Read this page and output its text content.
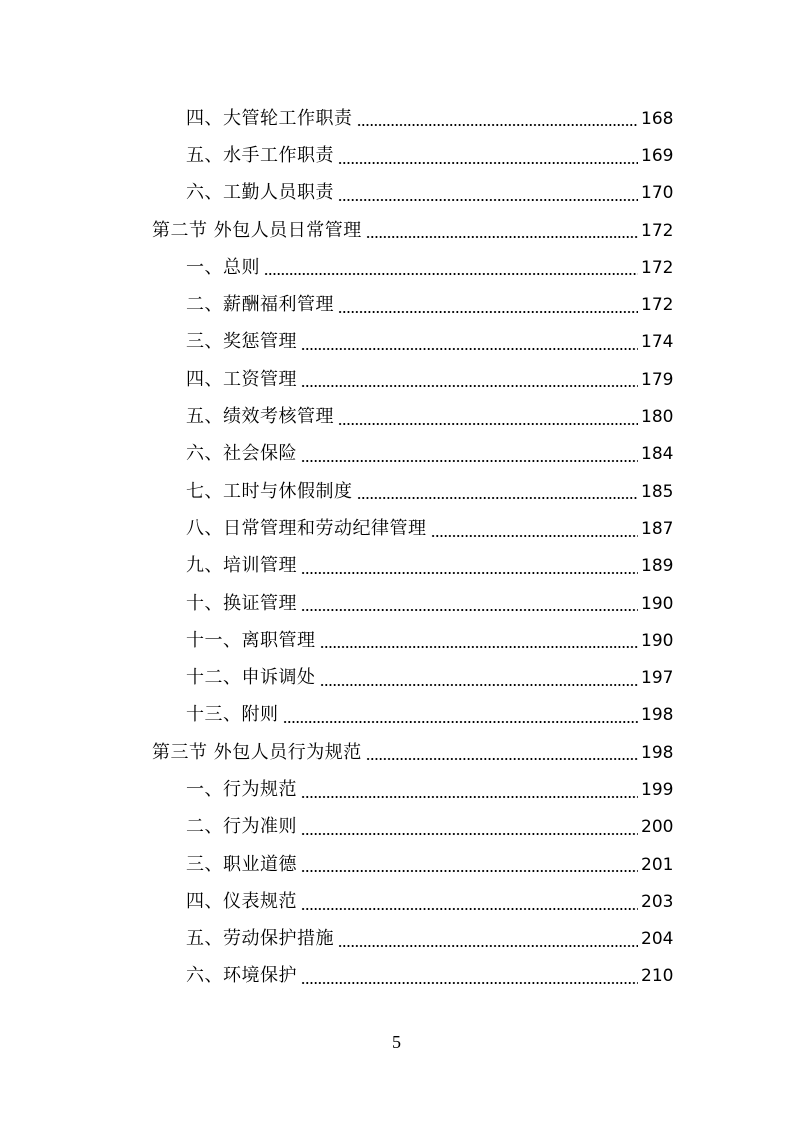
四、大管轮工作职责	168
五、水手工作职责	169
六、工勤人员职责	170
第二节 外包人员日常管理	172
一、总则	172
二、薪酬福利管理	172
三、奖惩管理	174
四、工资管理	179
五、绩效考核管理	180
六、社会保险	184
七、工时与休假制度	185
八、日常管理和劳动纪律管理	187
九、培训管理	189
十、换证管理	190
十一、离职管理	190
十二、申诉调处	197
十三、附则	198
第三节 外包人员行为规范	198
一、行为规范	199
二、行为准则	200
三、职业道德	201
四、仪表规范	203
五、劳动保护措施	204
六、环境保护	210
5
